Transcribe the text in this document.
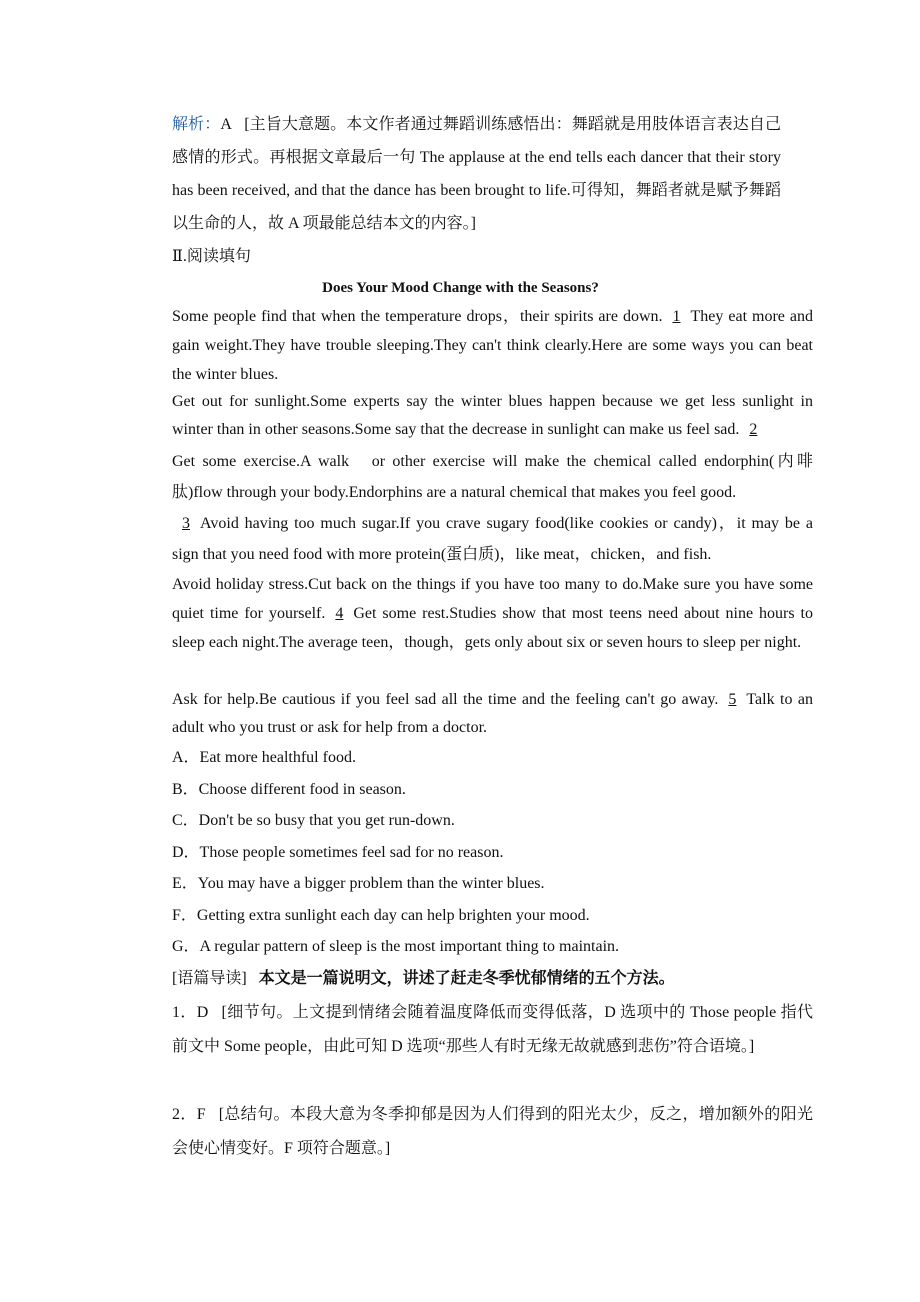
解析：A [主旨大意题。本文作者通过舞蹈训练感悟出：舞蹈就是用肢体语言表达自己感情的形式。再根据文章最后一句 The applause at the end tells each dancer that their story has been received, and that the dance has been brought to life.可得知，舞蹈者就是赋予舞蹈以生命的人，故 A 项最能总结本文的内容。]
Ⅱ.阅读填句
Does Your Mood Change with the Seasons?
Some people find that when the temperature drops，their spirits are down. 1 They eat more and gain weight.They have trouble sleeping.They can't think clearly.Here are some ways you can beat the winter blues.
Get out for sunlight.Some experts say the winter blues happen because we get less sunlight in winter than in other seasons.Some say that the decrease in sunlight can make us feel sad. 2
Get some exercise.A walk　or other exercise will make the chemical called endorphin(内啡肽)flow through your body.Endorphins are a natural chemical that makes you feel good.
3 Avoid having too much sugar.If you crave sugary food(like cookies or candy)，it may be a sign that you need food with more protein(蛋白质)，like meat，chicken，and fish.
Avoid holiday stress.Cut back on the things if you have too many to do.Make sure you have some quiet time for yourself. 4 Get some rest.Studies show that most teens need about nine hours to sleep each night.The average teen，though，gets only about six or seven hours to sleep per night.
Ask for help.Be cautious if you feel sad all the time and the feeling can't go away. 5 Talk to an adult who you trust or ask for help from a doctor.
A．Eat more healthful food.
B．Choose different food in season.
C．Don't be so busy that you get run-down.
D．Those people sometimes feel sad for no reason.
E．You may have a bigger problem than the winter blues.
F．Getting extra sunlight each day can help brighten your mood.
G．A regular pattern of sleep is the most important thing to maintain.
[语篇导读] 本文是一篇说明文，讲述了赶走冬季忧郁情绪的五个方法。
1．D [细节句。上文提到情绪会随着温度降低而变得低落，D 选项中的 Those people 指代前文中 Some people，由此可知 D 选项“那些人有时无缘无故就感到悲伤”符合语境。]
2．F [总结句。本段大意为冬季抑郁是因为人们得到的阳光太少，反之，增加额外的阳光会使心情变好。F 项符合题意。]
